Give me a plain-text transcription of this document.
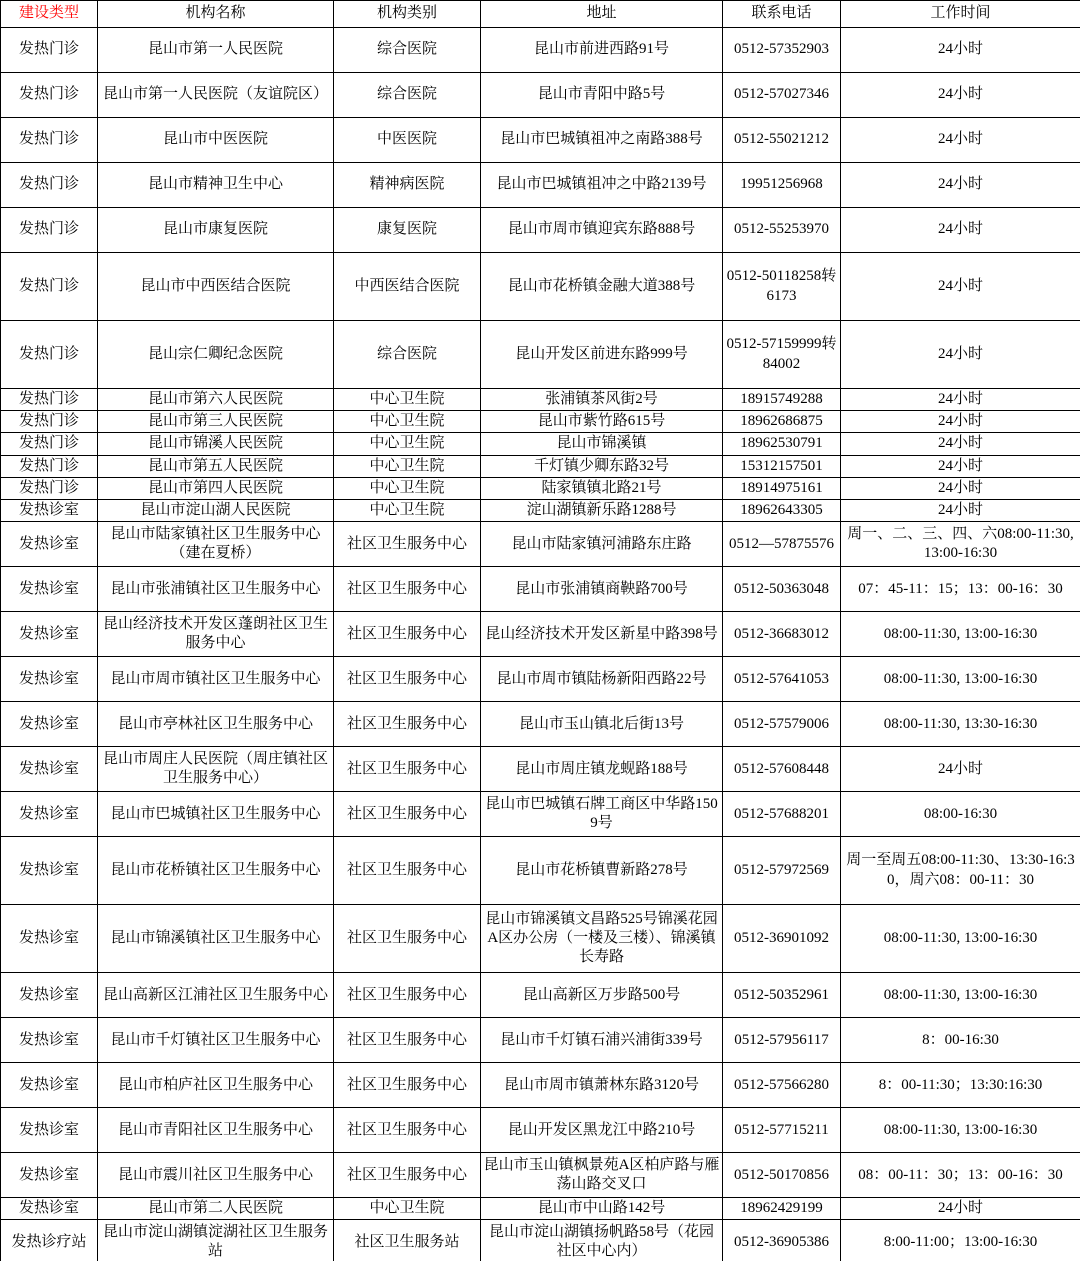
建设类型	机构名称	机构类别	地址	联系电话	工作时间
发热门诊	昆山市第一人民医院	综合医院	昆山市前进西路91号	0512-57352903	24小时
发热门诊	昆山市第一人民医院（友谊院区）	综合医院	昆山市青阳中路5号	0512-57027346	24小时
发热门诊	昆山市中医医院	中医医院	昆山市巴城镇祖冲之南路388号	0512-55021212	24小时
发热门诊	昆山市精神卫生中心	精神病医院	昆山市巴城镇祖冲之中路2139号	19951256968	24小时
发热门诊	昆山市康复医院	康复医院	昆山市周市镇迎宾东路888号	0512-55253970	24小时
发热门诊	昆山市中西医结合医院	中西医结合医院	昆山市花桥镇金融大道388号	0512-50118258转6173	24小时
发热门诊	昆山宗仁卿纪念医院	综合医院	昆山开发区前进东路999号	0512-57159999转84002	24小时
发热门诊	昆山市第六人民医院	中心卫生院	张浦镇茶风街2号	18915749288	24小时
发热门诊	昆山市第三人民医院	中心卫生院	昆山市紫竹路615号	18962686875	24小时
发热门诊	昆山市锦溪人民医院	中心卫生院	昆山市锦溪镇	18962530791	24小时
发热门诊	昆山市第五人民医院	中心卫生院	千灯镇少卿东路32号	15312157501	24小时
发热门诊	昆山市第四人民医院	中心卫生院	陆家镇镇北路21号	18914975161	24小时
发热诊室	昆山市淀山湖人民医院	中心卫生院	淀山湖镇新乐路1288号	18962643305	24小时
发热诊室	昆山市陆家镇社区卫生服务中心（建在夏桥）	社区卫生服务中心	昆山市陆家镇河浦路东庄路	0512—57875576	周一、二、三、四、六08:00-11:30, 13:00-16:30
发热诊室	昆山市张浦镇社区卫生服务中心	社区卫生服务中心	昆山市张浦镇商鞅路700号	0512-50363048	07：45-11：15；13：00-16：30
发热诊室	昆山经济技术开发区蓬朗社区卫生服务中心	社区卫生服务中心	昆山经济技术开发区新星中路398号	0512-36683012	08:00-11:30, 13:00-16:30
发热诊室	昆山市周市镇社区卫生服务中心	社区卫生服务中心	昆山市周市镇陆杨新阳西路22号	0512-57641053	08:00-11:30, 13:00-16:30
发热诊室	昆山市亭林社区卫生服务中心	社区卫生服务中心	昆山市玉山镇北后街13号	0512-57579006	08:00-11:30, 13:30-16:30
发热诊室	昆山市周庄人民医院（周庄镇社区卫生服务中心）	社区卫生服务中心	昆山市周庄镇龙蚬路188号	0512-57608448	24小时
发热诊室	昆山市巴城镇社区卫生服务中心	社区卫生服务中心	昆山市巴城镇石牌工商区中华路1509号	0512-57688201	08:00-16:30
发热诊室	昆山市花桥镇社区卫生服务中心	社区卫生服务中心	昆山市花桥镇曹新路278号	0512-57972569	周一至周五08:00-11:30、13:30-16:30，周六08：00-11：30
发热诊室	昆山市锦溪镇社区卫生服务中心	社区卫生服务中心	昆山市锦溪镇文昌路525号锦溪花园A区办公房（一楼及三楼）、锦溪镇长寿路	0512-36901092	08:00-11:30, 13:00-16:30
发热诊室	昆山高新区江浦社区卫生服务中心	社区卫生服务中心	昆山高新区万步路500号	0512-50352961	08:00-11:30, 13:00-16:30
发热诊室	昆山市千灯镇社区卫生服务中心	社区卫生服务中心	昆山市千灯镇石浦兴浦街339号	0512-57956117	8：00-16:30
发热诊室	昆山市柏庐社区卫生服务中心	社区卫生服务中心	昆山市周市镇萧林东路3120号	0512-57566280	8：00-11:30；13:30:16:30
发热诊室	昆山市青阳社区卫生服务中心	社区卫生服务中心	昆山开发区黑龙江中路210号	0512-57715211	08:00-11:30, 13:00-16:30
发热诊室	昆山市震川社区卫生服务中心	社区卫生服务中心	昆山市玉山镇枫景苑A区柏庐路与雁荡山路交叉口	0512-50170856	08：00-11：30；13：00-16：30
发热诊室	昆山市第二人民医院	中心卫生院	昆山市中山路142号	18962429199	24小时
发热诊疗站	昆山市淀山湖镇淀湖社区卫生服务站	社区卫生服务站	昆山市淀山湖镇扬帆路58号（花园社区中心内）	0512-36905386	8:00-11:00；13:00-16:30
